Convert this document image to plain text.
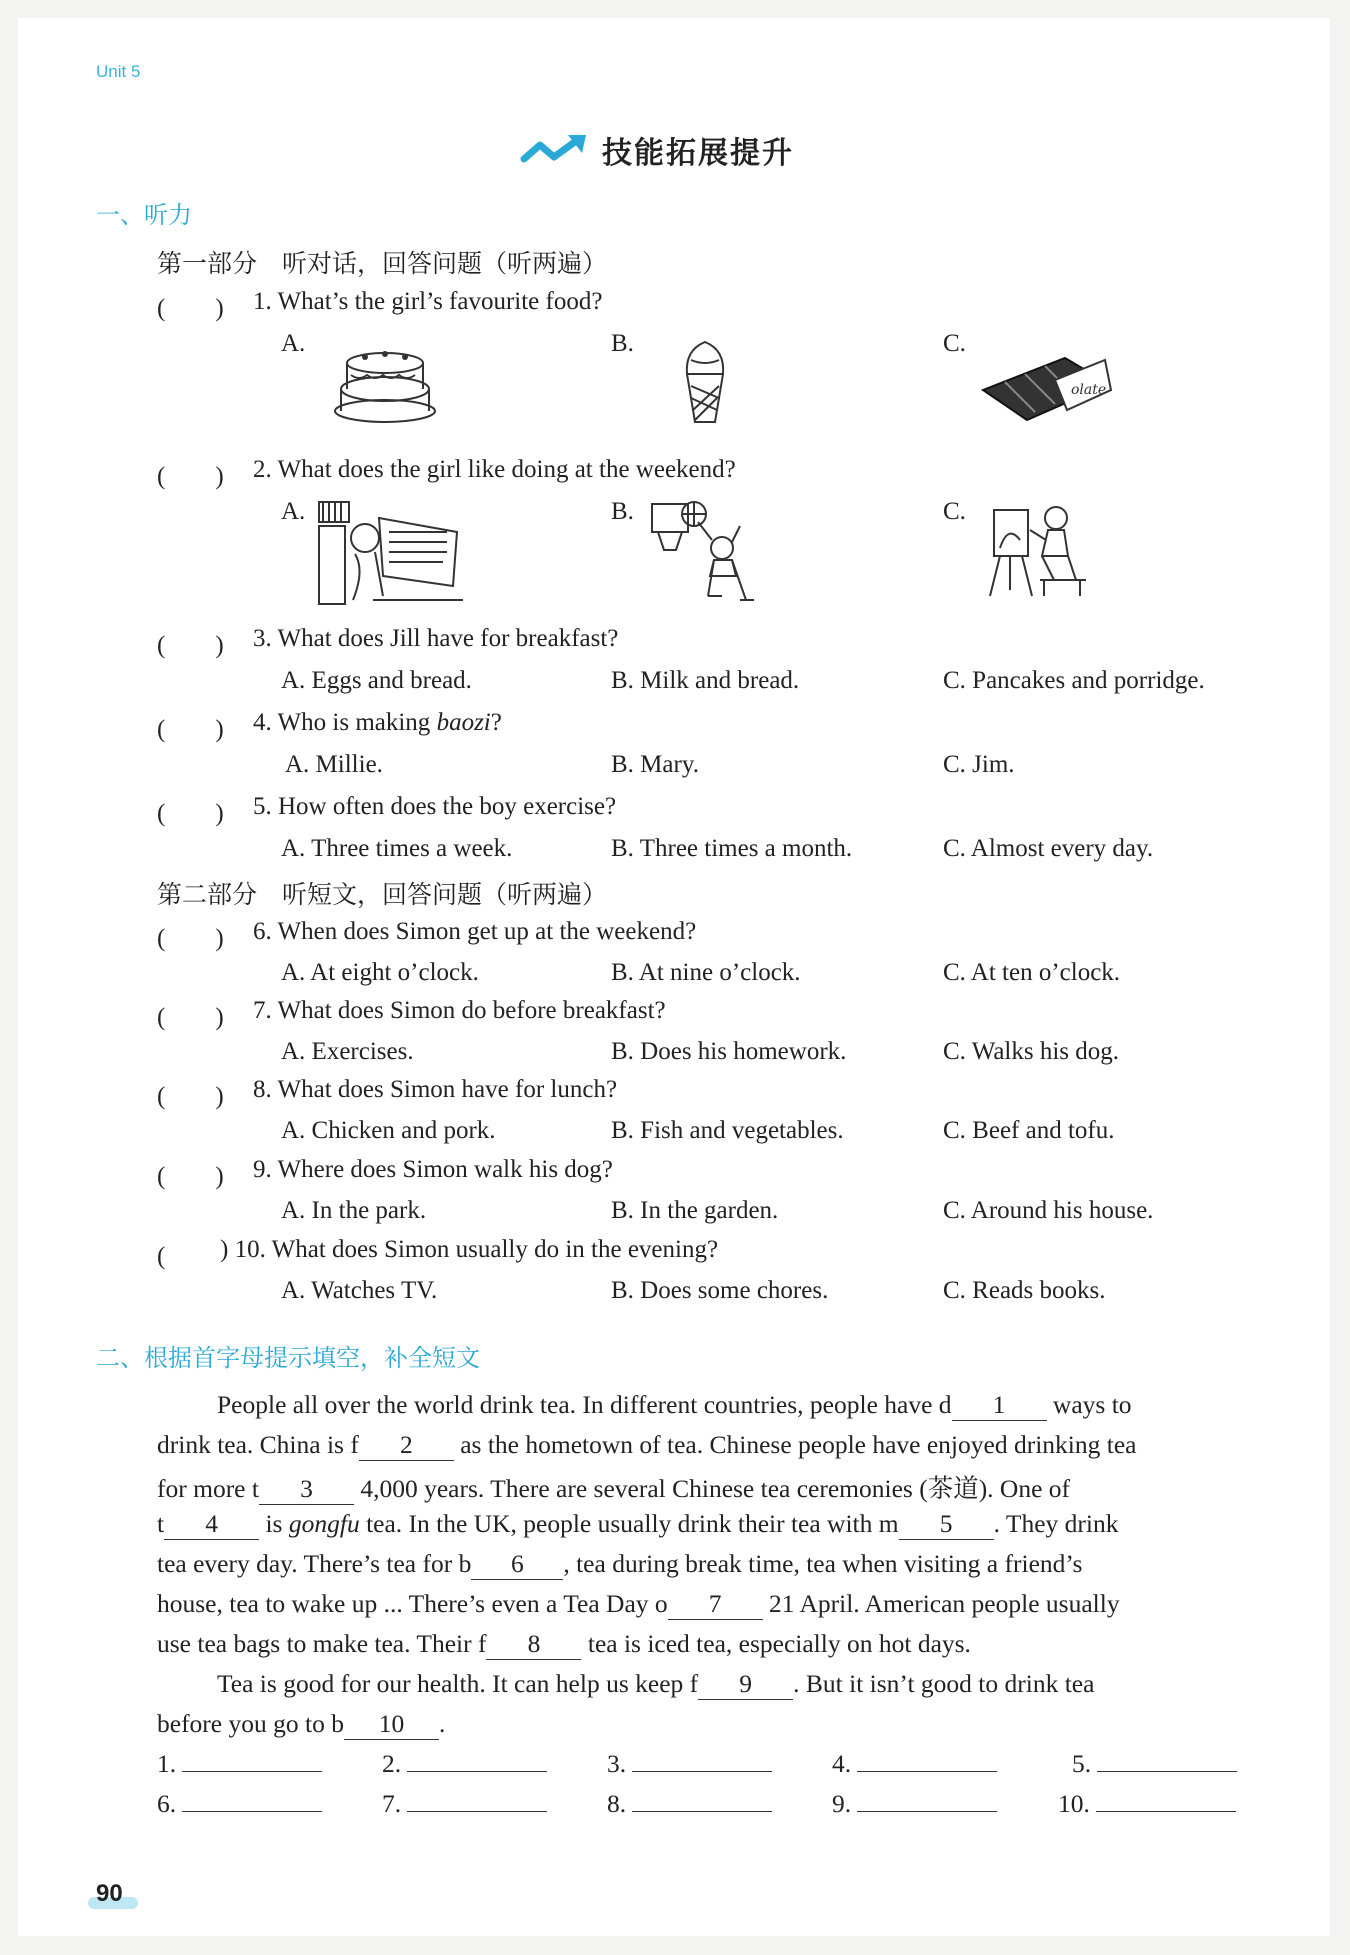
Unit 5
技能拓展提升
一、听力
第一部分　听对话，回答问题（听两遍）
(　　) 1. What’s the girl’s favourite food?
A.	B.	C.
olate
(　　) 2. What does the girl like doing at the weekend?
A.	B.	C.
(　　) 3. What does Jill have for breakfast?
A. Eggs and bread.	B. Milk and bread.	C. Pancakes and porridge.
(　　) 4. Who is making baozi?
A. Millie.	B. Mary.	C. Jim.
(　　) 5. How often does the boy exercise?
A. Three times a week.	B. Three times a month.	C. Almost every day.
第二部分　听短文，回答问题（听两遍）
(　　) 6. When does Simon get up at the weekend?
A. At eight o’clock.	B. At nine o’clock.	C. At ten o’clock.
(　　) 7. What does Simon do before breakfast?
A. Exercises.	B. Does his homework.	C. Walks his dog.
(　　) 8. What does Simon have for lunch?
A. Chicken and pork.	B. Fish and vegetables.	C. Beef and tofu.
(　　) 9. Where does Simon walk his dog?
A. In the park.	B. In the garden.	C. Around his house.
(　　 ) 10. What does Simon usually do in the evening?
A. Watches TV.	B. Does some chores.	C. Reads books.
二、根据首字母提示填空，补全短文
People all over the world drink tea. In different countries, people have d 1 ways to
drink tea. China is f 2 as the hometown of tea. Chinese people have enjoyed drinking tea
for more t 3 4,000 years. There are several Chinese tea ceremonies (茶道). One of
t 4 is gongfu tea. In the UK, people usually drink their tea with m 5 . They drink
tea every day. There’s tea for b 6 , tea during break time, tea when visiting a friend’s
house, tea to wake up ... There’s even a Tea Day o 7 21 April. American people usually
use tea bags to make tea. Their f 8 tea is iced tea, especially on hot days.
Tea is good for our health. It can help us keep f 9 . But it isn’t good to drink tea
before you go to b 10 .
1.	2.	3.	4.	5.
6.	7.	8.	9.	10.
90
